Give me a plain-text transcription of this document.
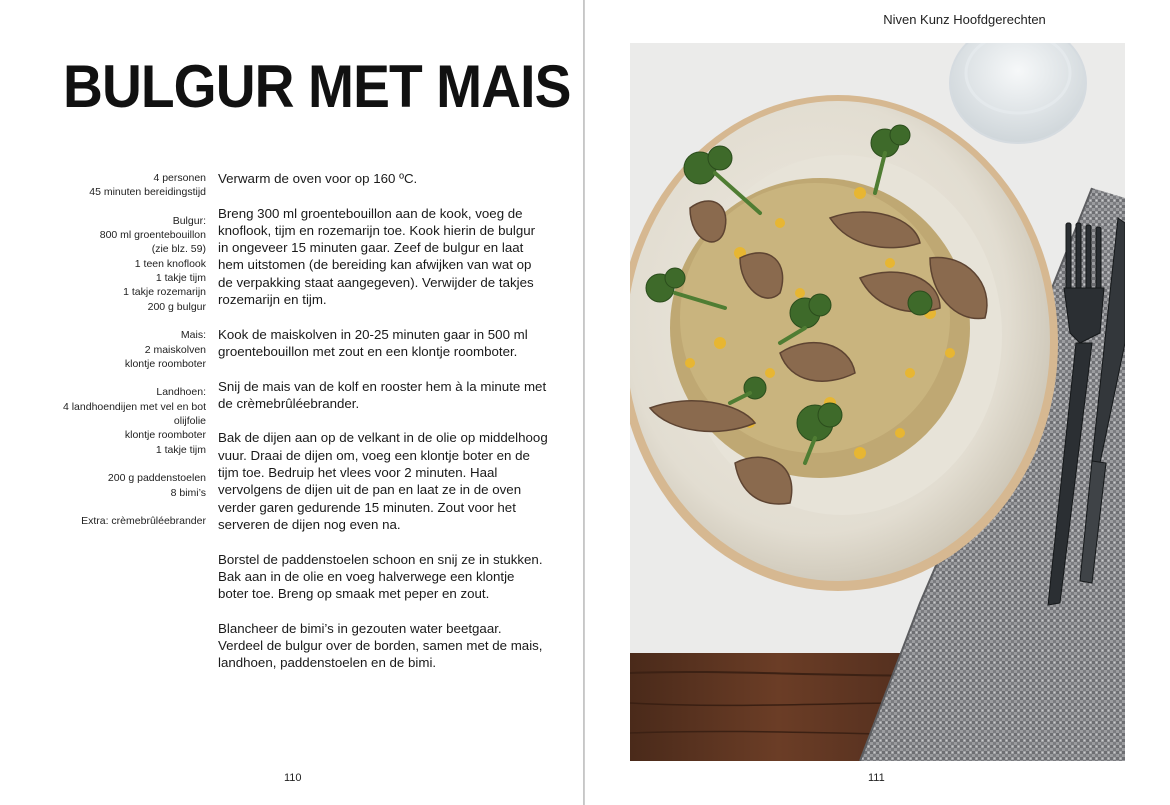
BULGUR MET MAIS
4 personen
45 minuten bereidingstijd
Bulgur:
800 ml groentebouillon
(zie blz. 59)
1 teen knoflook
1 takje tijm
1 takje rozemarijn
200 g bulgur
Mais:
2 maiskolven
klontje roomboter
Landhoen:
4 landhoendijen met vel en bot
olijfolie
klontje roomboter
1 takje tijm
200 g paddenstoelen
8 bimi’s
Extra: crèmebrûléebrander

Verwarm de oven voor op 160 ºC.

Breng 300 ml groentebouillon aan de kook, voeg de knoflook, tijm en rozemarijn toe. Kook hierin de bulgur in ongeveer 15 minuten gaar. Zeef de bulgur en laat hem uitstomen (de bereiding kan afwijken van wat op de verpakking staat aangegeven). Verwijder de takjes rozemarijn en tijm.

Kook de maiskolven in 20-25 minuten gaar in 500 ml groentebouillon met zout en een klontje roomboter.

Snij de mais van de kolf en rooster hem à la minute met de crèmebrûléebrander.

Bak de dijen aan op de velkant in de olie op middelhoog vuur. Draai de dijen om, voeg een klontje boter en de tijm toe. Bedruip het vlees voor 2 minuten. Haal vervolgens de dijen uit de pan en laat ze in de oven verder garen gedurende 15 minuten. Zout voor het serveren de dijen nog even na.

Borstel de paddenstoelen schoon en snij ze in stukken. Bak aan in de olie en voeg halverwege een klontje boter toe. Breng op smaak met peper en zout.

Blancheer de bimi’s in gezouten water beetgaar. Verdeel de bulgur over de borden, samen met de mais, landhoen, paddenstoelen en de bimi.

110
Niven Kunz Hoofdgerechten
111
